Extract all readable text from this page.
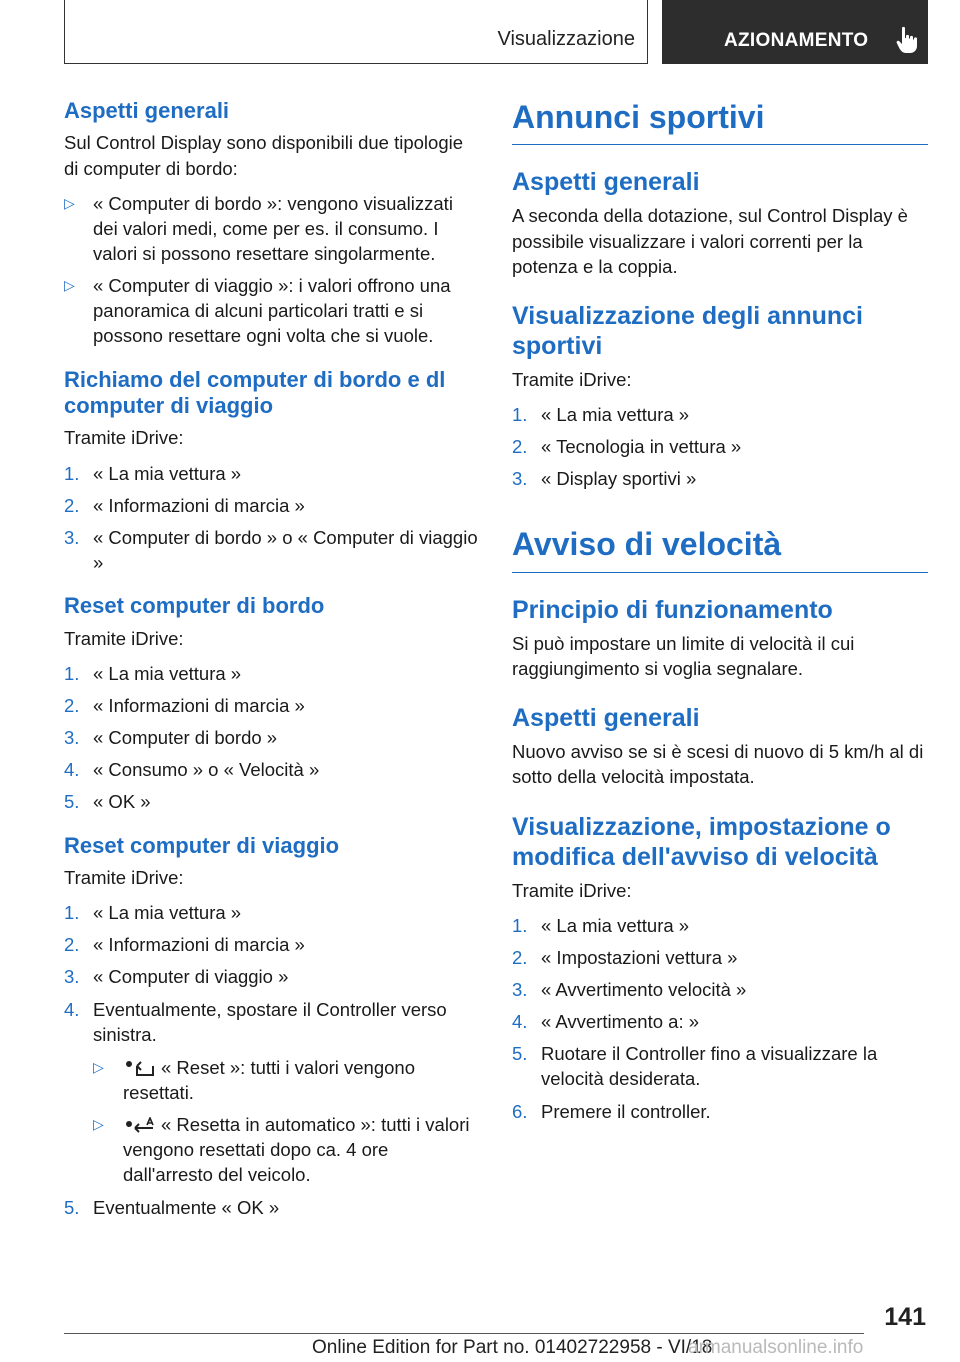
Visualizzazione	AZIONAMENTO
Aspetti generali

Sul Control Display sono disponibili due tipologie di computer di bordo:

▷ « Computer di bordo »: vengono visualizzati dei valori medi, come per es. il consumo. I valori si possono resettare singolarmente.
▷ « Computer di viaggio »: i valori offrono una panoramica di alcuni particolari tratti e si possono resettare ogni volta che si vuole.
Richiamo del computer di bordo e dl computer di viaggio

Tramite iDrive:

1. « La mia vettura »
2. « Informazioni di marcia »
3. « Computer di bordo » o « Computer di viaggio »
Reset computer di bordo

Tramite iDrive:

1. « La mia vettura »
2. « Informazioni di marcia »
3. « Computer di bordo »
4. « Consumo » o « Velocità »
5. « OK »
Reset computer di viaggio

Tramite iDrive:

1. « La mia vettura »
2. « Informazioni di marcia »
3. « Computer di viaggio »
4. Eventualmente, spostare il Controller verso sinistra.
▷	« Reset »: tutti i valori vengono resettati.
▷	« Resetta in automatico »: tutti i valori vengono resettati dopo ca. 4 ore dall'arresto del veicolo.
5. Eventualmente « OK »
Annunci sportivi
Aspetti generali

A seconda della dotazione, sul Control Display è possibile visualizzare i valori correnti per la potenza e la coppia.

Visualizzazione degli annunci sportivi

Tramite iDrive:

1. « La mia vettura »
2. « Tecnologia in vettura »
3. « Display sportivi »
Avviso di velocità
Principio di funzionamento

Si può impostare un limite di velocità il cui raggiungimento si voglia segnalare.

Aspetti generali

Nuovo avviso se si è scesi di nuovo di 5 km/h al di sotto della velocità impostata.

Visualizzazione, impostazione o modifica dell'avviso di velocità

Tramite iDrive:

1. « La mia vettura »
2. « Impostazioni vettura »
3. « Avvertimento velocità »
4. « Avvertimento a: »
5. Ruotare il Controller fino a visualizzare la velocità desiderata.
6. Premere il controller.
141
Online Edition for Part no. 01402722958 - VI/18
armanualsonline.info
